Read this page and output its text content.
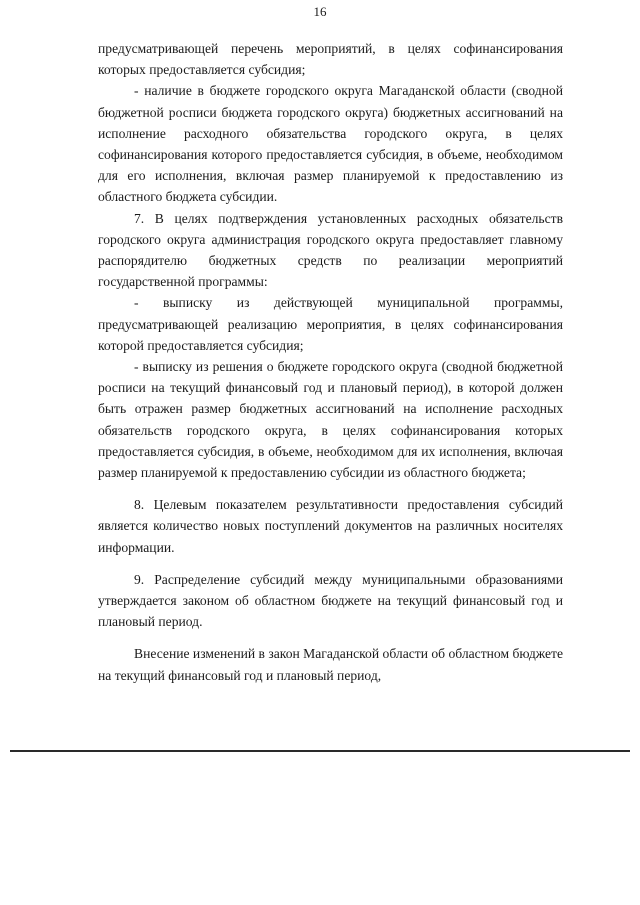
16

предусматривающей перечень мероприятий, в целях софинансирования которых предоставляется субсидия;

- наличие в бюджете городского округа Магаданской области (сводной бюджетной росписи бюджета городского округа) бюджетных ассигнований на исполнение расходного обязательства городского округа, в целях софинансирования которого предоставляется субсидия, в объеме, необходимом для его исполнения, включая размер планируемой к предоставлению из областного бюджета субсидии.

7. В целях подтверждения установленных расходных обязательств городского округа администрация городского округа предоставляет главному распорядителю бюджетных средств по реализации мероприятий государственной программы:

- выписку из действующей муниципальной программы, предусматривающей реализацию мероприятия, в целях софинансирования которой предоставляется субсидия;

- выписку из решения о бюджете городского округа (сводной бюджетной росписи на текущий финансовый год и плановый период), в которой должен быть отражен размер бюджетных ассигнований на исполнение расходных обязательств городского округа, в целях софинансирования которых предоставляется субсидия, в объеме, необходимом для их исполнения, включая размер планируемой к предоставлению субсидии из областного бюджета;

8. Целевым показателем результативности предоставления субсидий является количество новых поступлений документов на различных носителях информации.

9. Распределение субсидий между муниципальными образованиями утверждается законом об областном бюджете на текущий финансовый год и плановый период.

Внесение изменений в закон Магаданской области об областном бюджете на текущий финансовый год и плановый период,
